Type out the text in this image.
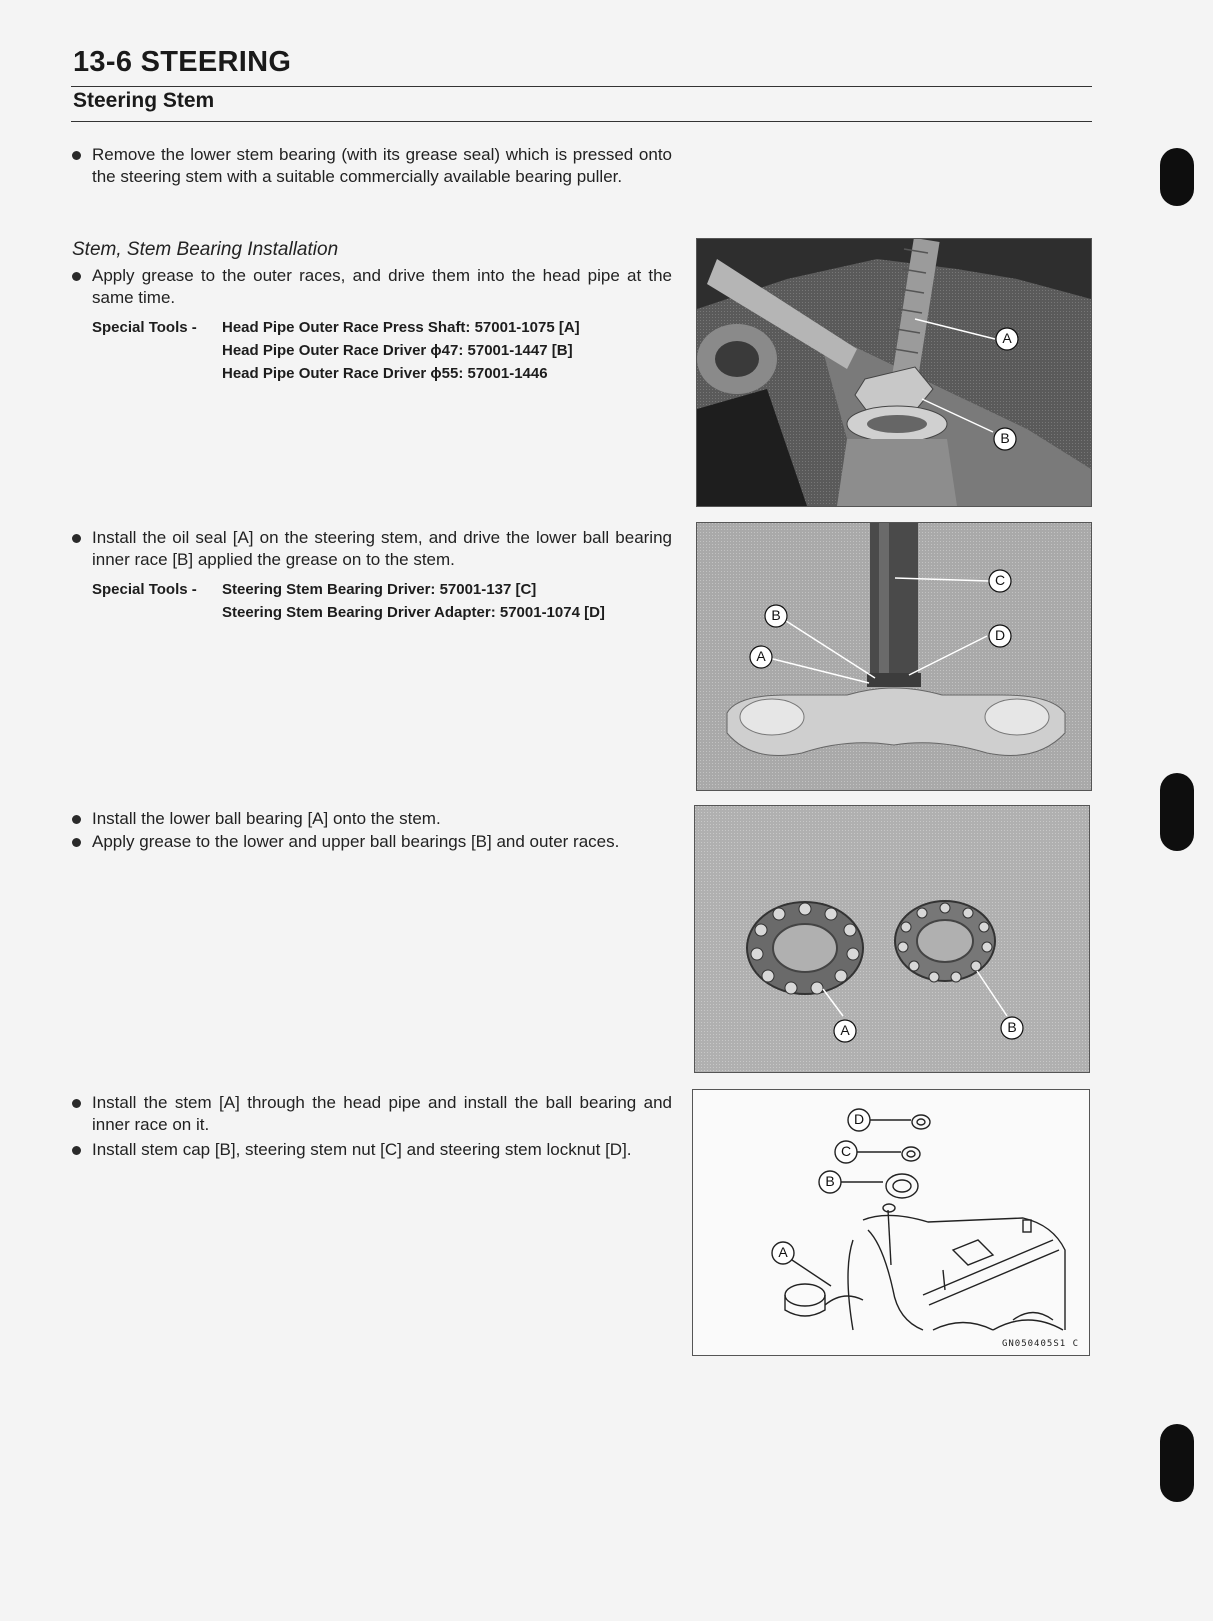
13-6 STEERING
Steering Stem
Remove the lower stem bearing (with its grease seal) which is pressed onto the steering stem with a suitable commercially available bearing puller.
Stem, Stem Bearing Installation
Apply grease to the outer races, and drive them into the head pipe at the same time.
Special Tools - Head Pipe Outer Race Press Shaft: 57001-1075 [A]
Head Pipe Outer Race Driver ϕ47: 57001-1447 [B]
Head Pipe Outer Race Driver ϕ55: 57001-1446
Install the oil seal [A] on the steering stem, and drive the lower ball bearing inner race [B] applied the grease on to the stem.
Special Tools - Steering Stem Bearing Driver: 57001-137 [C]
Steering Stem Bearing Driver Adapter: 57001-1074 [D]
Install the lower ball bearing [A] onto the stem.
Apply grease to the lower and upper ball bearings [B] and outer races.
Install the stem [A] through the head pipe and install the ball bearing and inner race on it.
Install stem cap [B], steering stem nut [C] and steering stem locknut [D].
A
B
C
B
D
A
A	B
D
C
B
A
GN050405S1 C
